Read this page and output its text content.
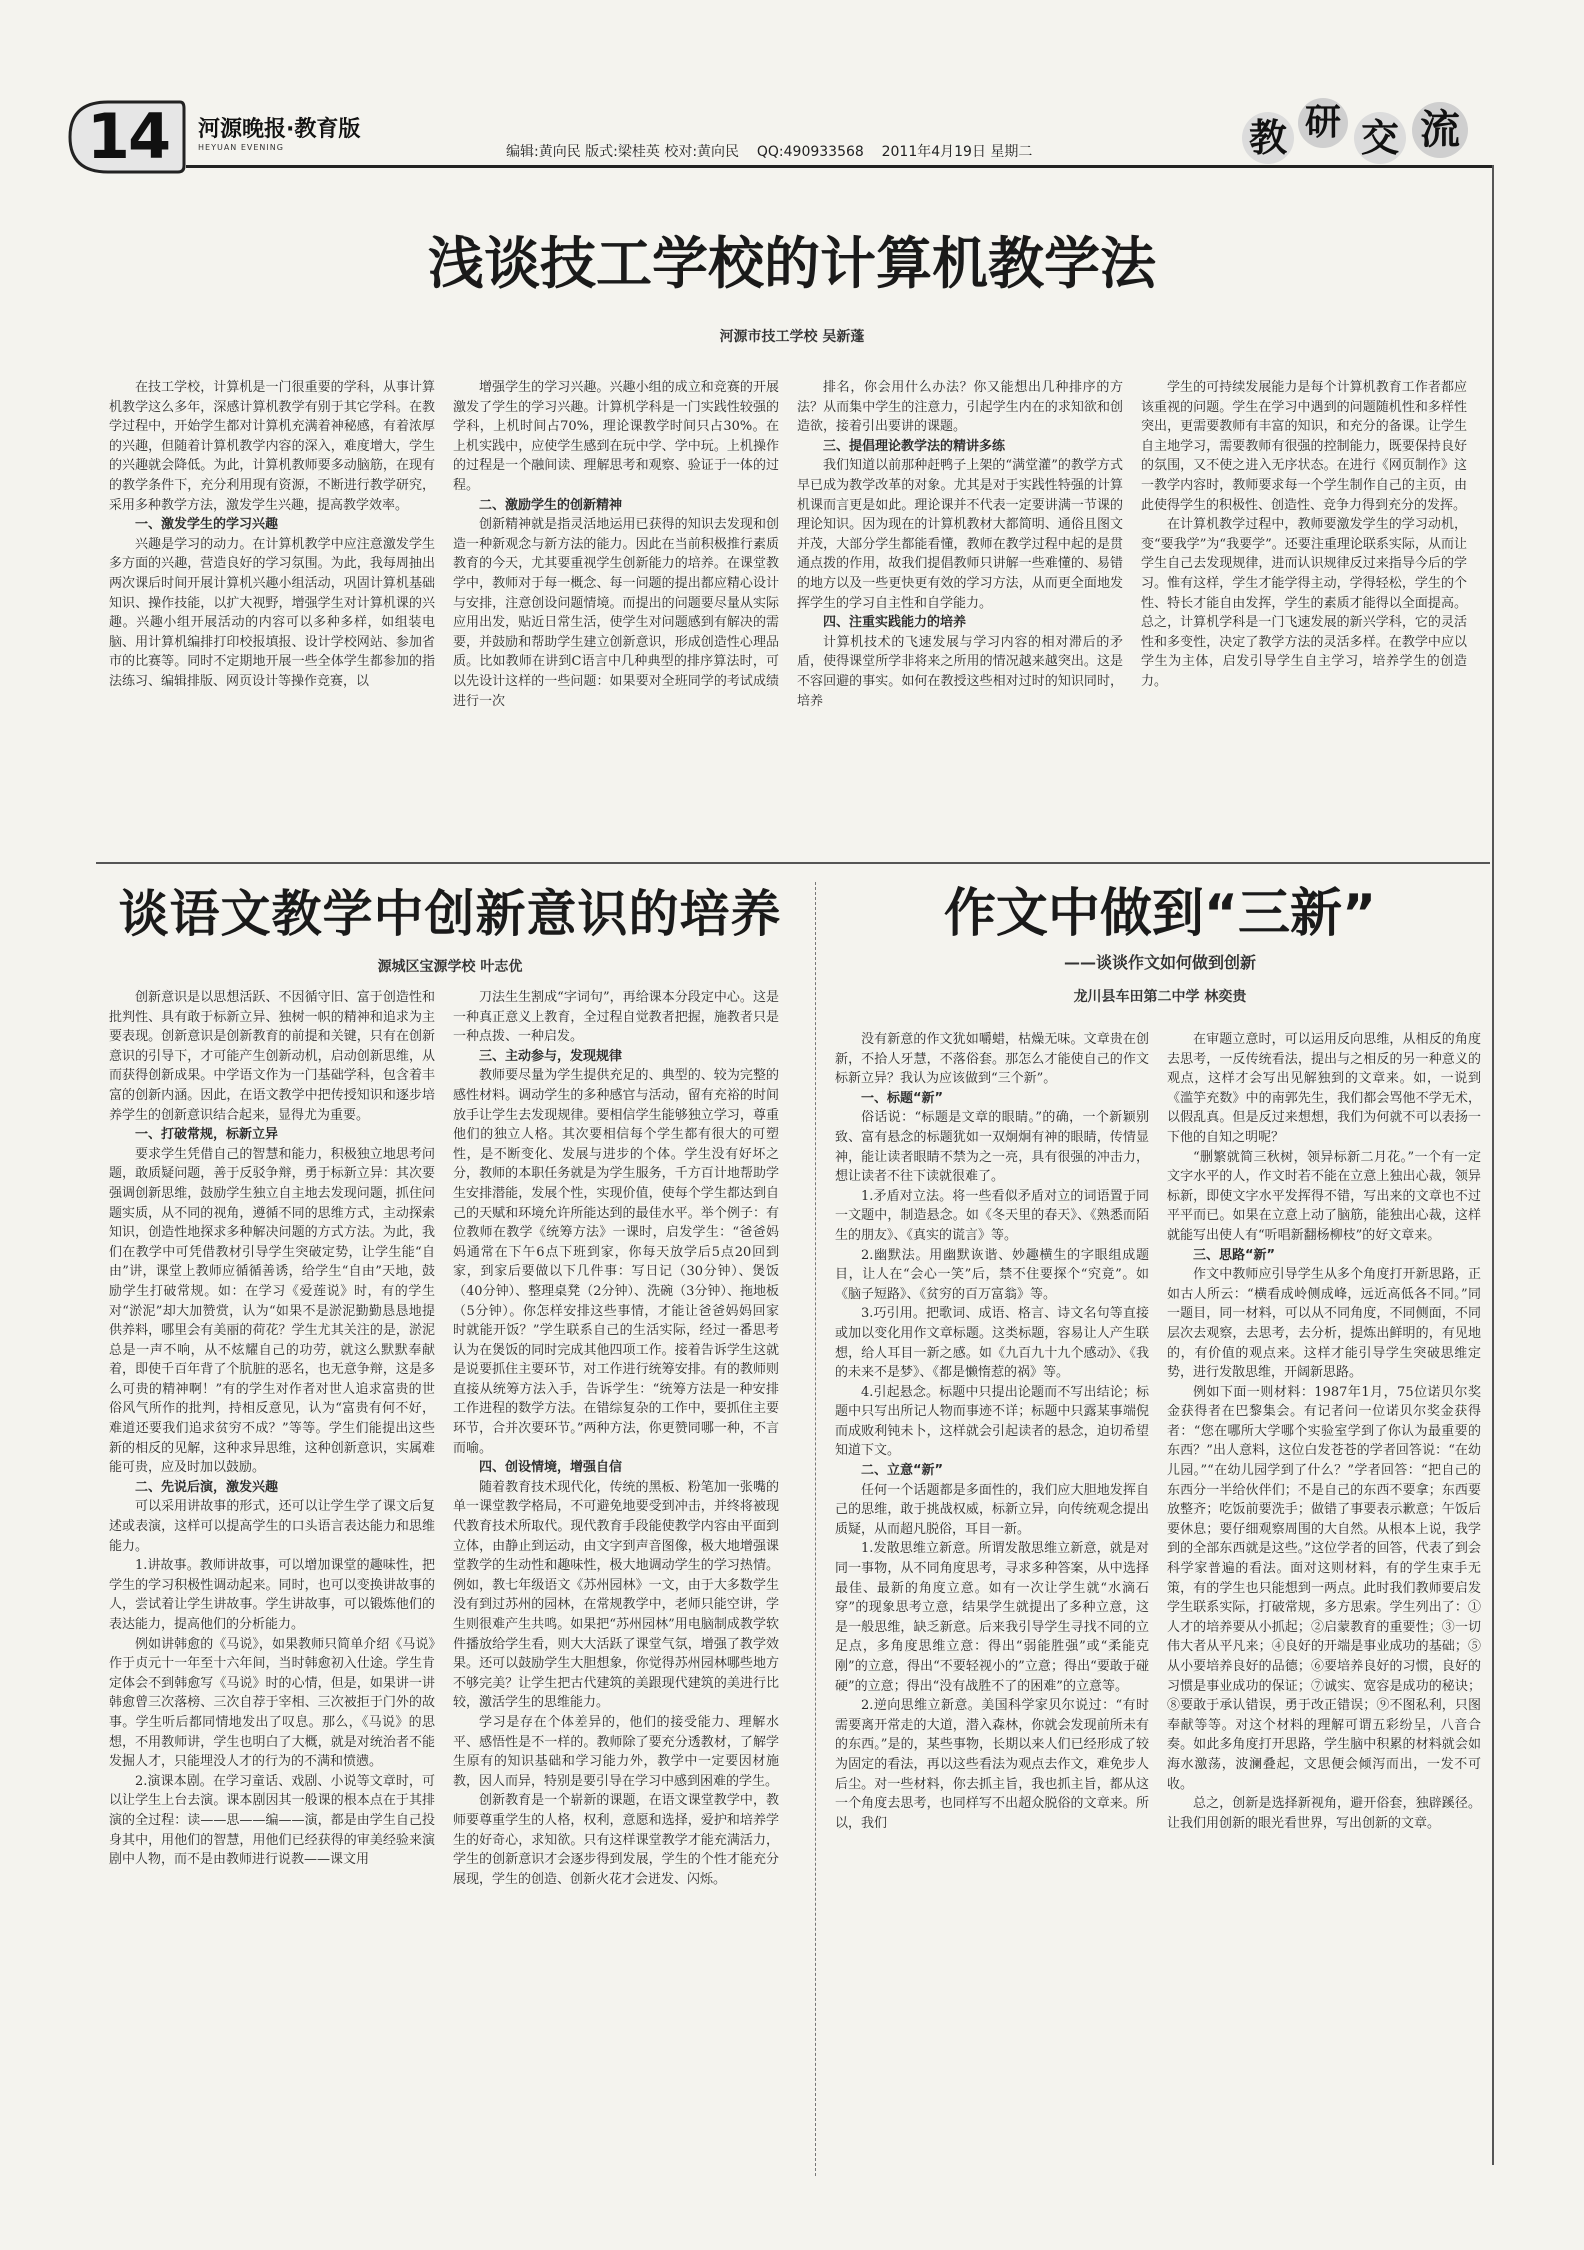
14	河源晚报·教育版
HEYUAN EVENING	编辑:黄向民 版式:梁桂英 校对:黄向民 QQ:490933568 2011年4月19日 星期二	教 研 交 流
浅谈技工学校的计算机教学法
河源市技工学校 吴新蓬

在技工学校，计算机是一门很重要的学科，从事计算机教学这么多年，深感计算机教学有别于其它学科。在教学过程中，开始学生都对计算机充满着神秘感，有着浓厚的兴趣，但随着计算机教学内容的深入，难度增大，学生的兴趣就会降低。为此，计算机教师要多动脑筋，在现有的教学条件下，充分利用现有资源，不断进行教学研究，采用多种教学方法，激发学生兴趣，提高教学效率。

一、激发学生的学习兴趣

兴趣是学习的动力。在计算机教学中应注意激发学生多方面的兴趣，营造良好的学习氛围。为此，我每周抽出两次课后时间开展计算机兴趣小组活动，巩固计算机基础知识、操作技能，以扩大视野，增强学生对计算机课的兴趣。兴趣小组开展活动的内容可以多种多样，如组装电脑、用计算机编排打印校报填报、设计学校网站、参加省市的比赛等。同时不定期地开展一些全体学生都参加的指法练习、编辑排版、网页设计等操作竞赛，以

增强学生的学习兴趣。兴趣小组的成立和竞赛的开展激发了学生的学习兴趣。计算机学科是一门实践性较强的学科，上机时间占70%，理论课教学时间只占30%。在上机实践中，应使学生感到在玩中学、学中玩。上机操作的过程是一个融间读、理解思考和观察、验证于一体的过程。

二、激励学生的创新精神

创新精神就是指灵活地运用已获得的知识去发现和创造一种新观念与新方法的能力。因此在当前积极推行素质教育的今天，尤其要重视学生创新能力的培养。在课堂教学中，教师对于每一概念、每一问题的提出都应精心设计与安排，注意创设问题情境。而提出的问题要尽量从实际应用出发，贴近日常生活，使学生对问题感到有解决的需要，并鼓励和帮助学生建立创新意识，形成创造性心理品质。比如教师在讲到C语言中几种典型的排序算法时，可以先设计这样的一些问题：如果要对全班同学的考试成绩进行一次

排名，你会用什么办法？你又能想出几种排序的方法？从而集中学生的注意力，引起学生内在的求知欲和创造欲，接着引出要讲的课题。

三、提倡理论教学法的精讲多练

我们知道以前那种赶鸭子上架的“满堂灌”的教学方式早已成为教学改革的对象。尤其是对于实践性特强的计算机课而言更是如此。理论课并不代表一定要讲满一节课的理论知识。因为现在的计算机教材大都简明、通俗且图文并茂，大部分学生都能看懂，教师在教学过程中起的是贯通点拨的作用，故我们提倡教师只讲解一些难懂的、易错的地方以及一些更快更有效的学习方法，从而更全面地发挥学生的学习自主性和自学能力。

四、注重实践能力的培养

计算机技术的飞速发展与学习内容的相对滞后的矛盾，使得课堂所学非将来之所用的情况越来越突出。这是不容回避的事实。如何在教授这些相对过时的知识同时，培养

学生的可持续发展能力是每个计算机教育工作者都应该重视的问题。学生在学习中遇到的问题随机性和多样性突出，更需要教师有丰富的知识，和充分的备课。让学生自主地学习，需要教师有很强的控制能力，既要保持良好的氛围，又不使之进入无序状态。在进行《网页制作》这一教学内容时，教师要求每一个学生制作自己的主页，由此使得学生的积极性、创造性、竞争力得到充分的发挥。

在计算机教学过程中，教师要激发学生的学习动机，变“要我学”为“我要学”。还要注重理论联系实际，从而让学生自己去发现规律，进而认识规律反过来指导今后的学习。惟有这样，学生才能学得主动，学得轻松，学生的个性、特长才能自由发挥，学生的素质才能得以全面提高。总之，计算机学科是一门飞速发展的新兴学科，它的灵活性和多变性，决定了教学方法的灵活多样。在教学中应以学生为主体，启发引导学生自主学习，培养学生的创造力。

谈语文教学中创新意识的培养
源城区宝源学校 叶志优

创新意识是以思想活跃、不因循守旧、富于创造性和批判性、具有敢于标新立异、独树一帜的精神和追求为主要表现。创新意识是创新教育的前提和关键，只有在创新意识的引导下，才可能产生创新动机，启动创新思维，从而获得创新成果。中学语文作为一门基础学科，包含着丰富的创新内涵。因此，在语文教学中把传授知识和逐步培养学生的创新意识结合起来，显得尤为重要。

一、打破常规，标新立异

要求学生凭借自己的智慧和能力，积极独立地思考问题，敢质疑问题，善于反驳争辩，勇于标新立异：其次要强调创新思维，鼓励学生独立自主地去发现问题，抓住问题实质，从不同的视角，遵循不同的思维方式，主动探索知识，创造性地探求多种解决问题的方式方法。为此，我们在教学中可凭借教材引导学生突破定势，让学生能“自由”讲，课堂上教师应循循善诱，给学生“自由”天地，鼓励学生打破常规。如：在学习《爱莲说》时，有的学生对“淤泥”却大加赞赏，认为“如果不是淤泥勤勤恳恳地提供养料，哪里会有美丽的荷花？学生尤其关注的是，淤泥总是一声不响，从不炫耀自己的功劳，就这么默默奉献着，即使千百年背了个肮脏的恶名，也无意争辩，这是多么可贵的精神啊！”有的学生对作者对世人追求富贵的世俗风气所作的批判，持相反意见，认为“富贵有何不好，难道还要我们追求贫穷不成？”等等。学生们能提出这些新的相反的见解，这种求异思维，这种创新意识，实属难能可贵，应及时加以鼓励。

二、先说后演，激发兴趣

可以采用讲故事的形式，还可以让学生学了课文后复述或表演，这样可以提高学生的口头语言表达能力和思维能力。

1.讲故事。教师讲故事，可以增加课堂的趣味性，把学生的学习积极性调动起来。同时，也可以变换讲故事的人，尝试着让学生讲故事。学生讲故事，可以锻炼他们的表达能力，提高他们的分析能力。

例如讲韩愈的《马说》，如果教师只简单介绍《马说》作于贞元十一年至十六年间，当时韩愈初入仕途。学生肯定体会不到韩愈写《马说》时的心情，但是，如果讲一讲韩愈曾三次落榜、三次自荐于宰相、三次被拒于门外的故事。学生听后都同情地发出了叹息。那么，《马说》的思想，不用教师讲，学生也明白了大概，就是对统治者不能发掘人才，只能埋没人才的行为的不满和愤懑。

2.演课本剧。在学习童话、戏剧、小说等文章时，可以让学生上台去演。课本剧因其一般课的根本点在于其排演的全过程：读——思——编——演，都是由学生自己投身其中，用他们的智慧，用他们已经获得的审美经验来演剧中人物，而不是由教师进行说教——课文用

刀法生生割成“字词句”，再给课本分段定中心。这是一种真正意义上教育，全过程自觉教者把握，施教者只是一种点拨、一种启发。

三、主动参与，发现规律

教师要尽量为学生提供充足的、典型的、较为完整的感性材料。调动学生的多种感官与活动，留有充裕的时间放手让学生去发现规律。要相信学生能够独立学习，尊重他们的独立人格。其次要相信每个学生都有很大的可塑性，是不断变化、发展与进步的个体。学生没有好坏之分，教师的本职任务就是为学生服务，千方百计地帮助学生安排潜能，发展个性，实现价值，使每个学生都达到自己的天赋和环境允许所能达到的最佳水平。举个例子：有位教师在教学《统筹方法》一课时，启发学生：“爸爸妈妈通常在下午6点下班到家，你每天放学后5点20回到家，到家后要做以下几件事：写日记（30分钟）、煲饭（40分钟）、整理桌凳（2分钟）、洗碗（3分钟）、拖地板（5分钟）。你怎样安排这些事情，才能让爸爸妈妈回家时就能开饭？”学生联系自己的生活实际，经过一番思考认为在煲饭的同时完成其他四项工作。接着告诉学生这就是说要抓住主要环节，对工作进行统筹安排。有的教师则直接从统筹方法入手，告诉学生：“统筹方法是一种安排工作进程的数学方法。在错综复杂的工作中，要抓住主要环节，合并次要环节。”两种方法，你更赞同哪一种，不言而喻。

四、创设情境，增强自信

随着教育技术现代化，传统的黑板、粉笔加一张嘴的单一课堂教学格局，不可避免地要受到冲击，并终将被现代教育技术所取代。现代教育手段能使教学内容由平面到立体，由静止到运动，由文字到声音图像，极大地增强课堂教学的生动性和趣味性，极大地调动学生的学习热情。例如，教七年级语文《苏州园林》一文，由于大多数学生没有到过苏州的园林，在常规教学中，老师只能空讲，学生则很难产生共鸣。如果把“苏州园林”用电脑制成教学软件播放给学生看，则大大活跃了课堂气氛，增强了教学效果。还可以鼓励学生大胆想象，你觉得苏州园林哪些地方不够完美？让学生把古代建筑的美跟现代建筑的美进行比较，激活学生的思维能力。

学习是存在个体差异的，他们的接受能力、理解水平、感悟性是不一样的。教师除了要充分透教材，了解学生原有的知识基础和学习能力外，教学中一定要因材施教，因人而异，特别是要引导在学习中感到困难的学生。

创新教育是一个崭新的课题，在语文课堂教学中，教师要尊重学生的人格，权利，意愿和选择，爱护和培养学生的好奇心，求知欲。只有这样课堂教学才能充满活力，学生的创新意识才会逐步得到发展，学生的个性才能充分展现，学生的创造、创新火花才会迸发、闪烁。

作文中做到“三新”
——谈谈作文如何做到创新
龙川县车田第二中学 林奕贵

没有新意的作文犹如嚼蜡，枯燥无味。文章贵在创新，不拾人牙慧，不落俗套。那怎么才能使自己的作文标新立异？我认为应该做到“三个新”。

一、标题“新”

俗话说：“标题是文章的眼睛。”的确，一个新颖别致、富有悬念的标题犹如一双炯炯有神的眼睛，传情显神，能让读者眼睛不禁为之一亮，具有很强的冲击力，想让读者不往下读就很难了。

1.矛盾对立法。将一些看似矛盾对立的词语置于同一文题中，制造悬念。如《冬天里的春天》、《熟悉而陌生的朋友》、《真实的谎言》等。

2.幽默法。用幽默诙谐、妙趣横生的字眼组成题目，让人在“会心一笑”后，禁不住要探个“究竟”。如《脑子短路》、《贫穷的百万富翁》等。

3.巧引用。把歌词、成语、格言、诗文名句等直接或加以变化用作文章标题。这类标题，容易让人产生联想，给人耳目一新之感。如《九百九十九个感动》、《我的未来不是梦》、《都是懒惰惹的祸》等。

4.引起悬念。标题中只提出论题而不写出结论；标题中只写出所记人物而事迹不详；标题中只露某事端倪而成败利钝未卜，这样就会引起读者的悬念，迫切希望知道下文。

二、立意“新”

任何一个话题都是多面性的，我们应大胆地发挥自己的思维，敢于挑战权威，标新立异，向传统观念提出质疑，从而超凡脱俗，耳目一新。

1.发散思维立新意。所谓发散思维立新意，就是对同一事物，从不同角度思考，寻求多种答案，从中选择最佳、最新的角度立意。如有一次让学生就“水滴石穿”的现象思考立意，结果学生就提出了多种立意，这是一般思维，缺乏新意。后来我引导学生寻找不同的立足点，多角度思维立意：得出“弱能胜强”或“柔能克刚”的立意，得出“不要轻视小的”立意；得出“要敢于碰硬”的立意；得出“没有战胜不了的困难”的立意等。

2.逆向思维立新意。美国科学家贝尔说过：“有时需要离开常走的大道，潜入森林，你就会发现前所未有的东西。”是的，某些事物，长期以来人们已经形成了较为固定的看法，再以这些看法为观点去作文，难免步人后尘。对一些材料，你去抓主旨，我也抓主旨，都从这一个角度去思考，也同样写不出超众脱俗的文章来。所以，我们

在审题立意时，可以运用反向思维，从相反的角度去思考，一反传统看法，提出与之相反的另一种意义的观点，这样才会写出见解独到的文章来。如，一说到《滥竽充数》中的南郭先生，我们都会骂他不学无术，以假乱真。但是反过来想想，我们为何就不可以表扬一下他的自知之明呢？

“删繁就简三秋树，领异标新二月花。”一个有一定文字水平的人，作文时若不能在立意上独出心裁，领异标新，即使文字水平发挥得不错，写出来的文章也不过平平而已。如果在立意上动了脑筋，能独出心裁，这样就能写出使人有“听唱新翻杨柳枝”的好文章来。

三、思路“新”

作文中教师应引导学生从多个角度打开新思路，正如古人所云：“横看成岭侧成峰，远近高低各不同。”同一题目，同一材料，可以从不同角度，不同侧面，不同层次去观察，去思考，去分析，提炼出鲜明的，有见地的，有价值的观点来。这样才能引导学生突破思维定势，进行发散思维，开阔新思路。

例如下面一则材料：1987年1月，75位诺贝尔奖金获得者在巴黎集会。有记者问一位诺贝尔奖金获得者：“您在哪所大学哪个实验室学到了你认为最重要的东西？”出人意料，这位白发苍苍的学者回答说：“在幼儿园。”“在幼儿园学到了什么？”学者回答：“把自己的东西分一半给伙伴们；不是自己的东西不要拿；东西要放整齐；吃饭前要洗手；做错了事要表示歉意；午饭后要休息；要仔细观察周围的大自然。从根本上说，我学到的全部东西就是这些。”这位学者的回答，代表了到会科学家普遍的看法。面对这则材料，有的学生束手无策，有的学生也只能想到一两点。此时我们教师要启发学生联系实际，打破常规，多方思索。学生列出了：①人才的培养要从小抓起；②启蒙教育的重要性；③一切伟大者从平凡来；④良好的开端是事业成功的基础；⑤从小要培养良好的品德；⑥要培养良好的习惯，良好的习惯是事业成功的保证；⑦诚实、宽容是成功的秘诀；⑧要敢于承认错误，勇于改正错误；⑨不图私利，只图奉献等等。对这个材料的理解可谓五彩纷呈，八音合奏。如此多角度打开思路，学生脑中积累的材料就会如海水激荡，波澜叠起，文思便会倾泻而出，一发不可收。

总之，创新是选择新视角，避开俗套，独辟蹊径。让我们用创新的眼光看世界，写出创新的文章。
